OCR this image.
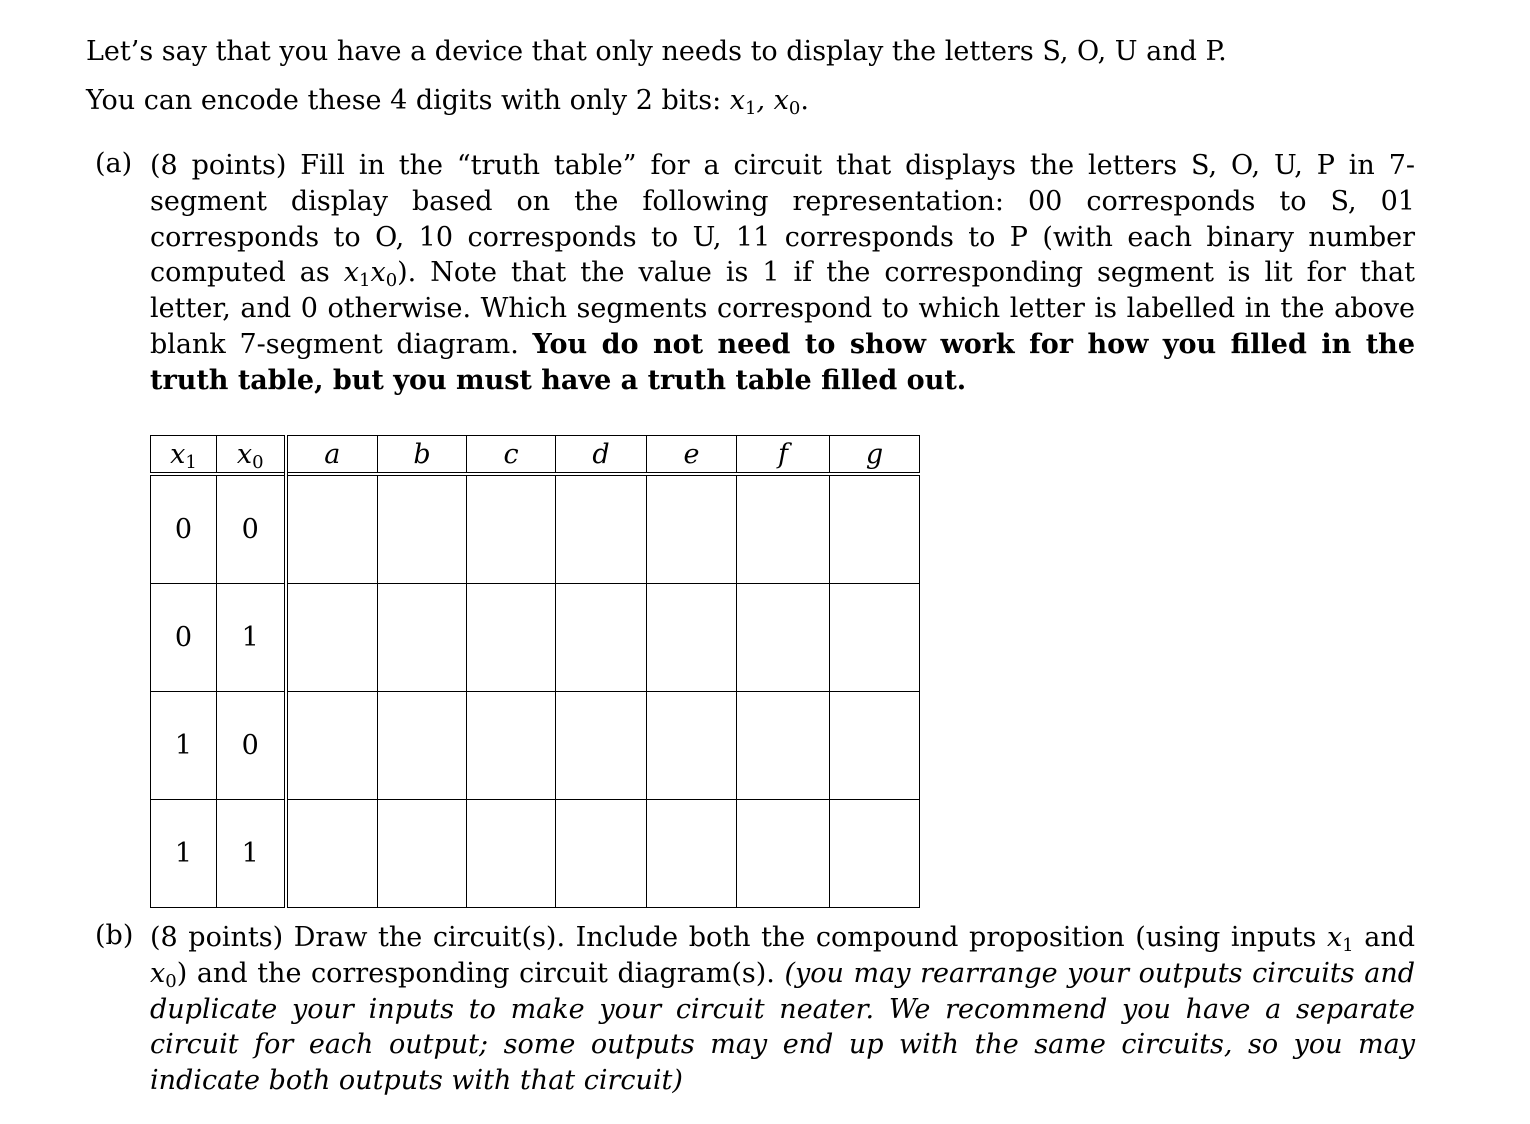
Let’s say that you have a device that only needs to display the letters S, O, U and P.
You can encode these 4 digits with only 2 bits: $x_1$, $x_0$.
(a) (8 points) Fill in the “truth table” for a circuit that displays the letters S, O, U, P in 7-segment display based on the following representation: 00 corresponds to S, 01 corresponds to O, 10 corresponds to U, 11 corresponds to P (with each binary number computed as $x_1x_0$). Note that the value is 1 if the corresponding segment is lit for that letter, and 0 otherwise. Which segments correspond to which letter is labelled in the above blank 7-segment diagram. You do not need to show work for how you filled in the truth table, but you must have a truth table filled out.
$x_1$	$x_0$	a	b	c	d	e	f	g
0	0							
0	1							
1	0							
1	1							
(b) (8 points) Draw the circuit(s). Include both the compound proposition (using inputs $x_1$ and $x_0$) and the corresponding circuit diagram(s). (you may rearrange your outputs circuits and duplicate your inputs to make your circuit neater. We recommend you have a separate circuit for each output; some outputs may end up with the same circuits, so you may indicate both outputs with that circuit)
